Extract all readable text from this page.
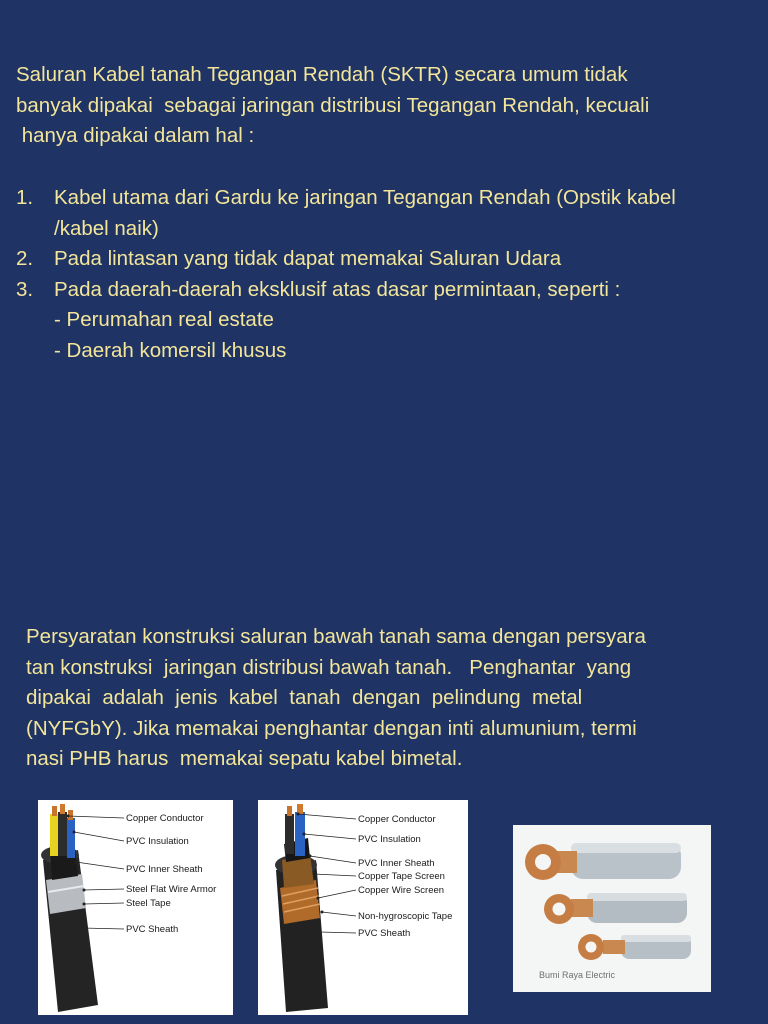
Saluran Kabel tanah Tegangan Rendah (SKTR) secara umum tidak
banyak dipakai  sebagai jaringan distribusi Tegangan Rendah, kecuali
hanya dipakai dalam hal :
1. Kabel utama dari Gardu ke jaringan Tegangan Rendah (Opstik kabel
/kabel naik)
2. Pada lintasan yang tidak dapat memakai Saluran Udara
3. Pada daerah-daerah eksklusif atas dasar permintaan, seperti :
- Perumahan real estate
- Daerah komersil khusus
Persyaratan konstruksi saluran bawah tanah sama dengan persyara
tan konstruksi  jaringan distribusi bawah tanah.   Penghantar  yang
dipakai  adalah  jenis  kabel  tanah  dengan  pelindung  metal
(NYFGbY). Jika memakai penghantar dengan inti alumunium, termi
nasi PHB harus  memakai sepatu kabel bimetal.
Copper Conductor
PVC Insulation
PVC Inner Sheath
Steel Flat Wire Armor
Steel Tape
PVC Sheath
Copper Conductor
PVC Insulation
PVC Inner Sheath
Copper Tape Screen
Copper Wire Screen
Non-hygroscopic Tape
PVC Sheath
Bumi Raya Electric
